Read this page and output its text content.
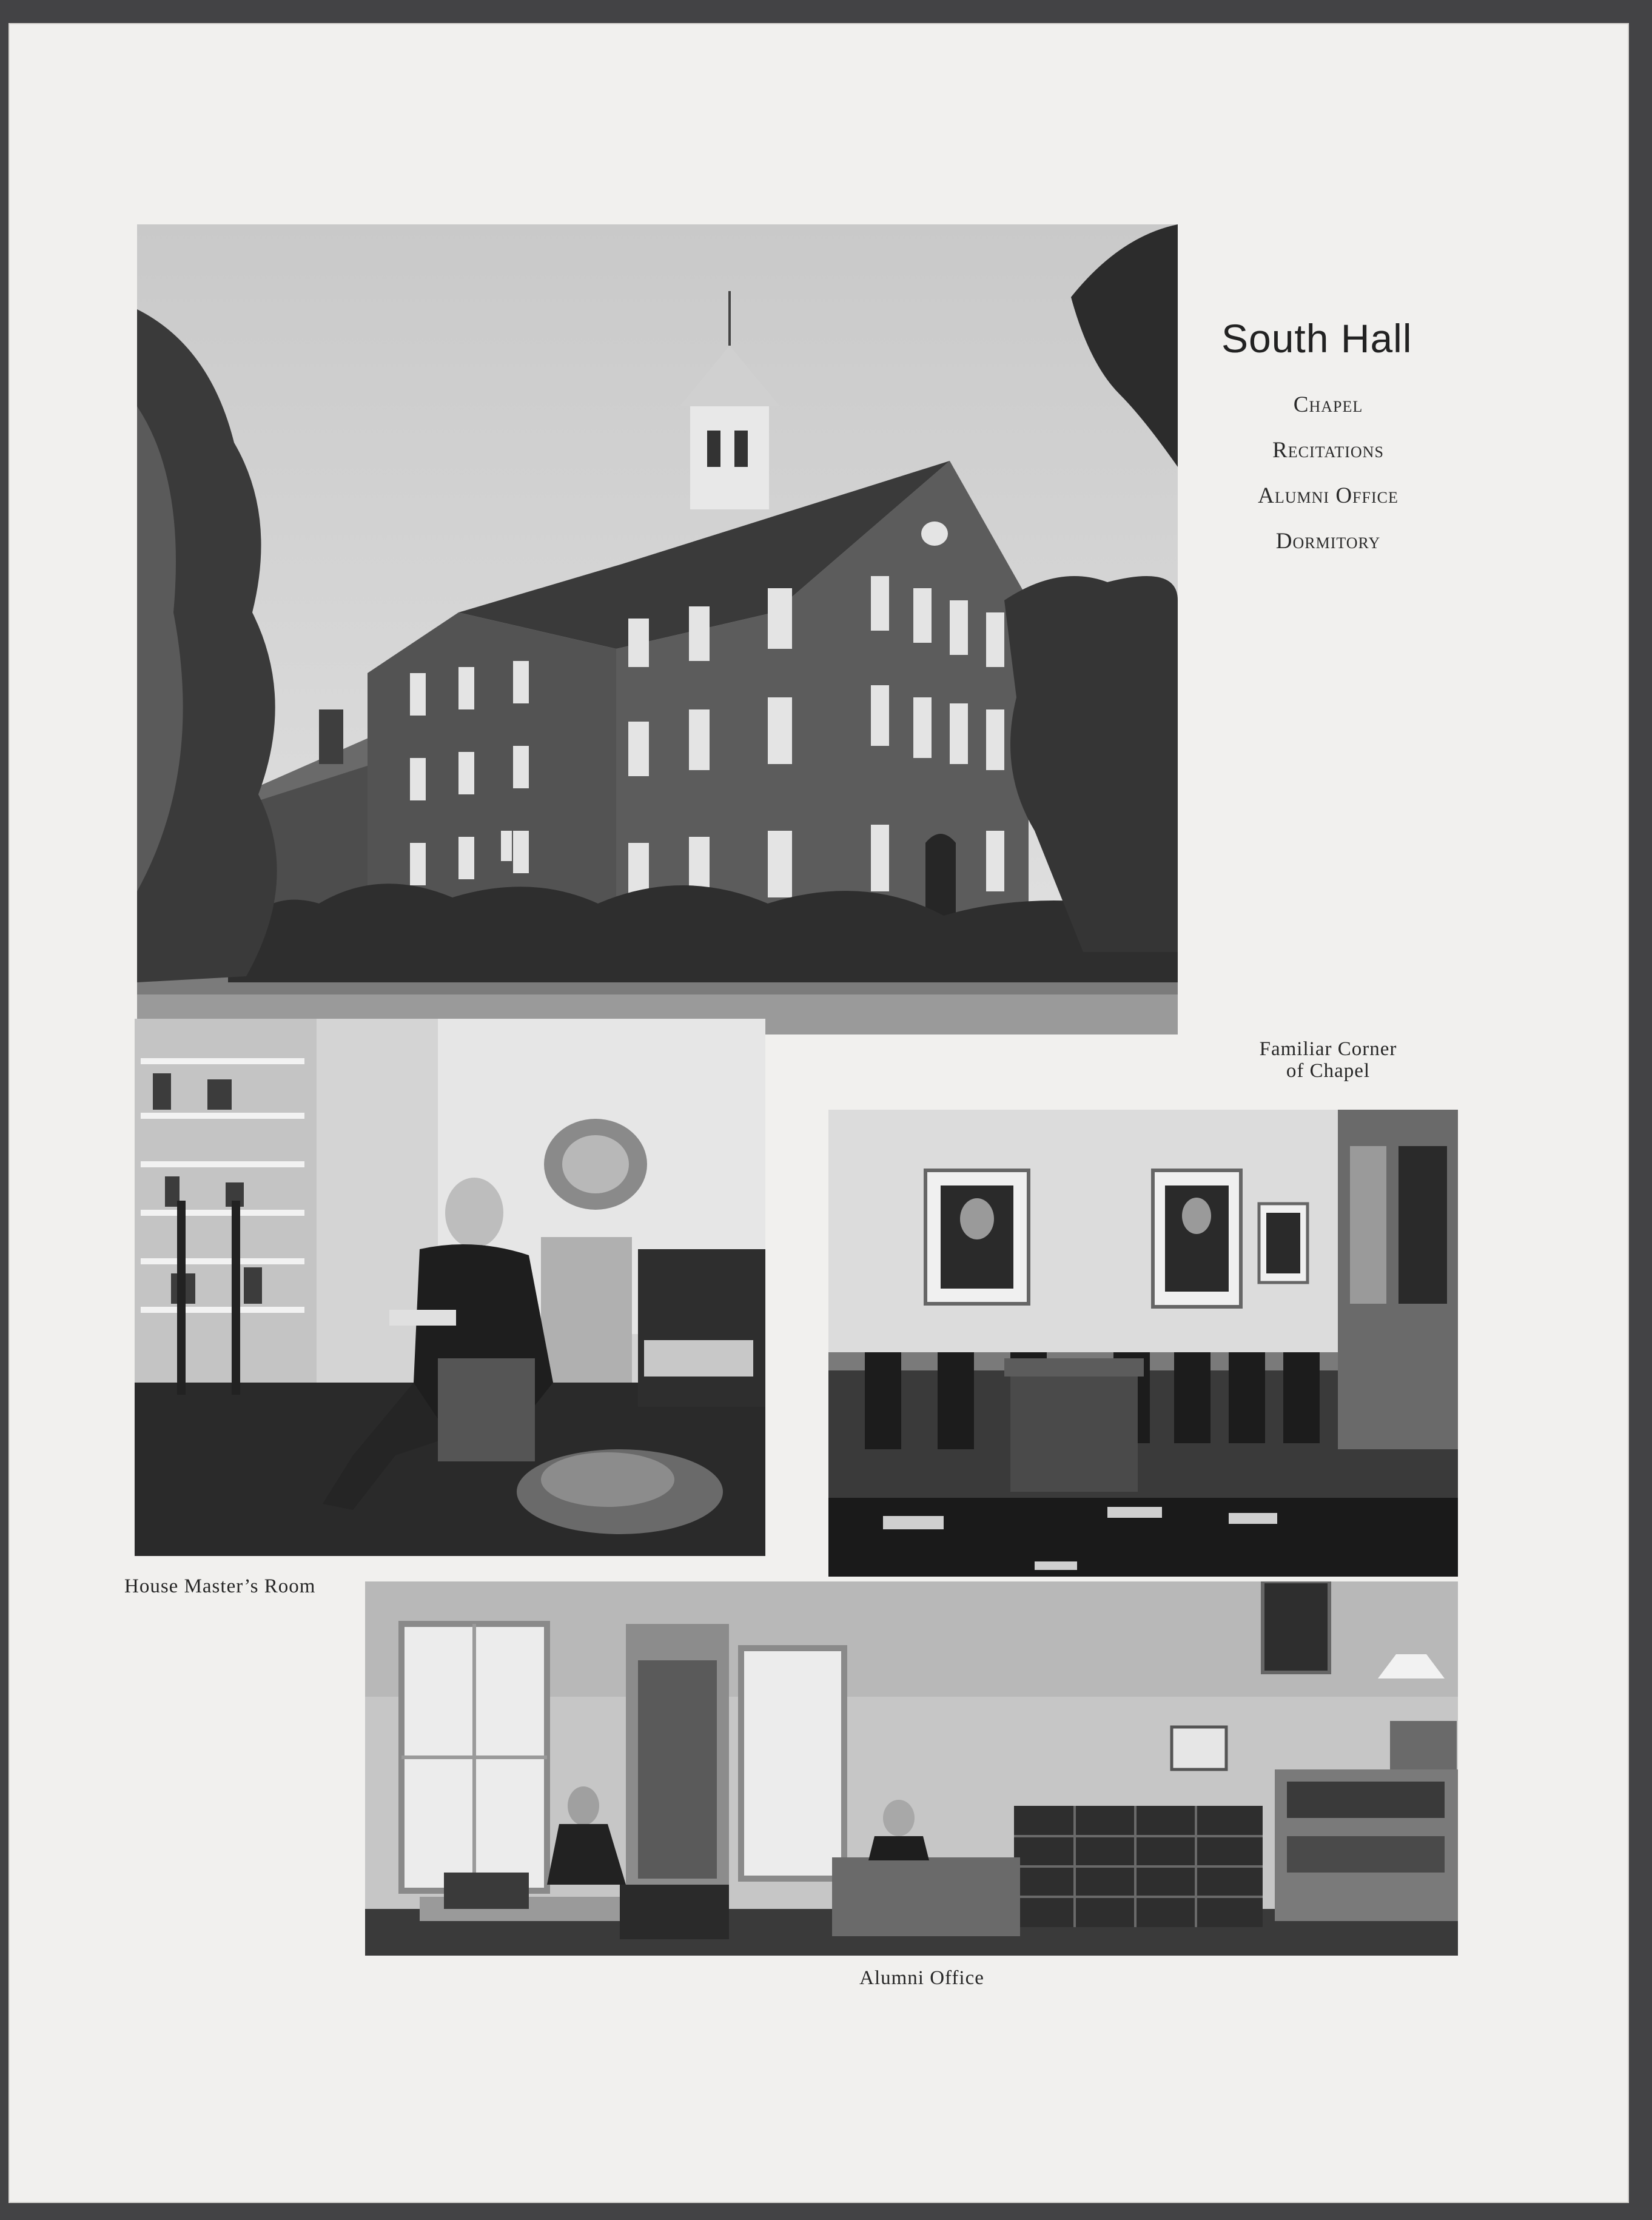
South Hall
Chapel
Recitations
Alumni Office
Dormitory
Familiar Corner
of Chapel
House Master’s Room
Alumni Office
